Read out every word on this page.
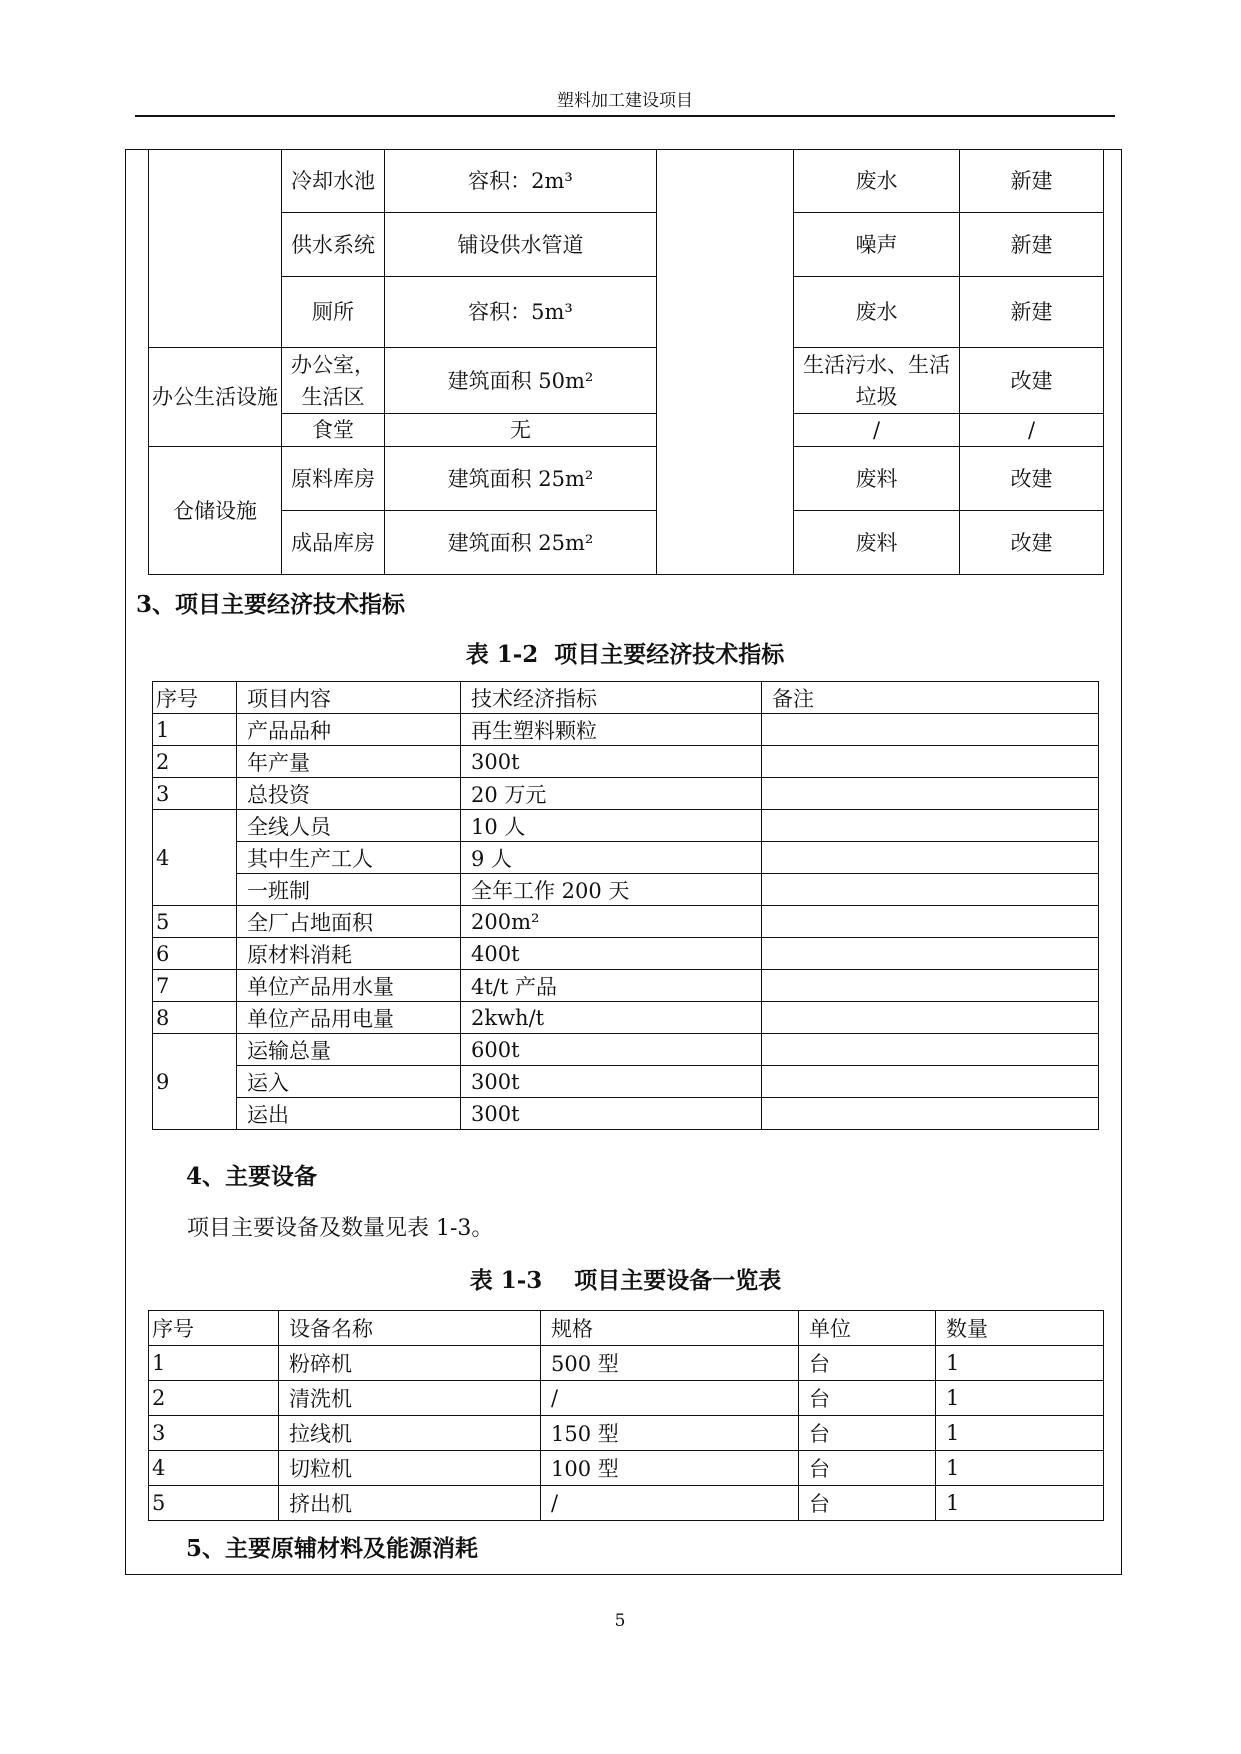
塑料加工建设项目
	冷却水池	容积：2m³		废水	新建
	供水系统	铺设供水管道		噪声	新建
	厕所	容积：5m³		废水	新建
办公生活设施	办公室，生活区	建筑面积 50m²		生活污水、生活垃圾	改建
	食堂	无		/	/
仓储设施	原料库房	建筑面积 25m²		废料	改建
	成品库房	建筑面积 25m²		废料	改建
3、项目主要经济技术指标
表 1-2  项目主要经济技术指标
序号	项目内容	技术经济指标	备注
1	产品品种	再生塑料颗粒	
2	年产量	300t	
3	总投资	20 万元	
4	全线人员	10 人	
	其中生产工人	9 人	
	一班制	全年工作 200 天	
5	全厂占地面积	200m²	
6	原材料消耗	400t	
7	单位产品用水量	4t/t 产品	
8	单位产品用电量	2kwh/t	
9	运输总量	600t	
	运入	300t	
	运出	300t	
4、主要设备
项目主要设备及数量见表 1-3。
表 1-3    项目主要设备一览表
序号	设备名称	规格	单位	数量
1	粉碎机	500 型	台	1
2	清洗机	/	台	1
3	拉线机	150 型	台	1
4	切粒机	100 型	台	1
5	挤出机	/	台	1
5、主要原辅材料及能源消耗
5
